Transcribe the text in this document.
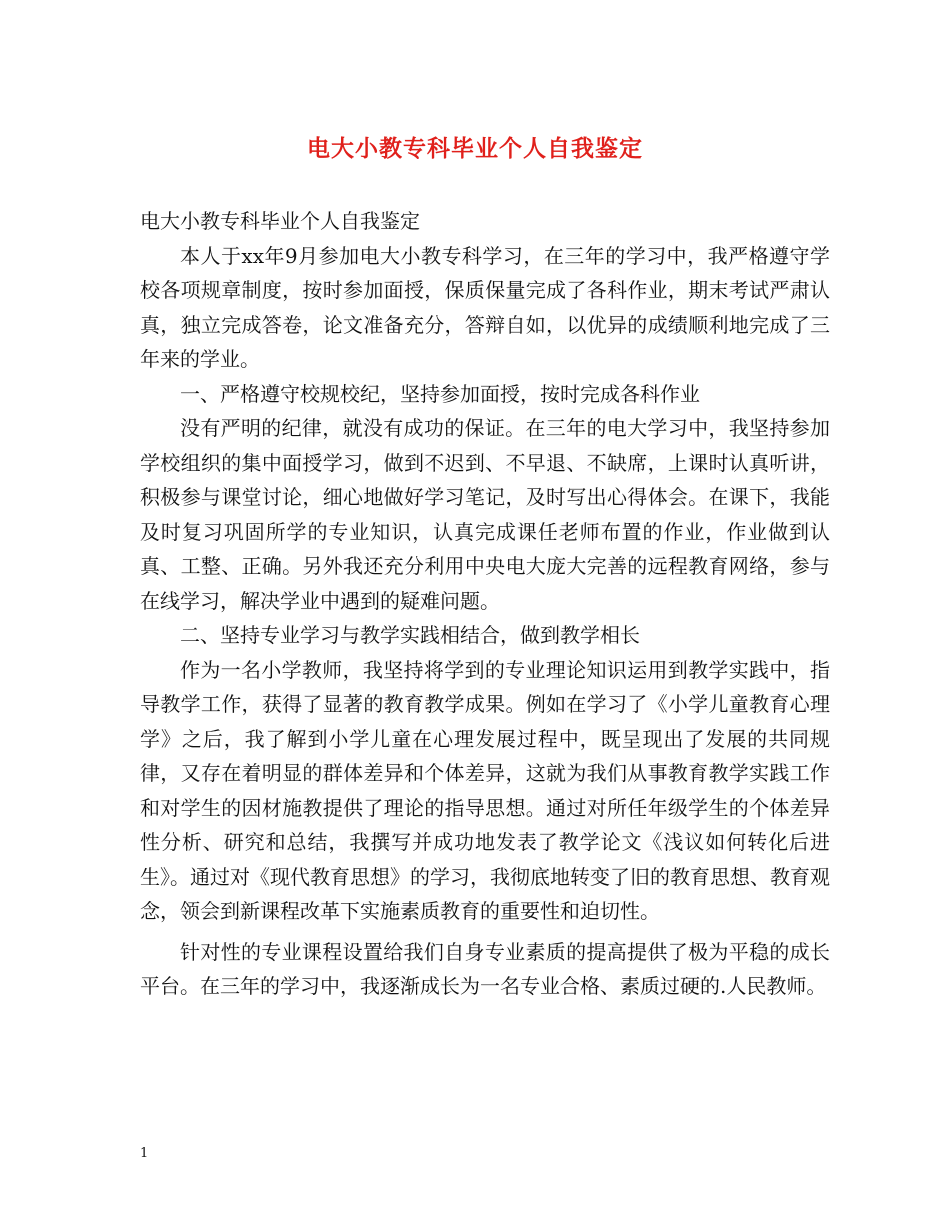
电大小教专科毕业个人自我鉴定

电大小教专科毕业个人自我鉴定

本人于xx年9月参加电大小教专科学习，在三年的学习中，我严格遵守学校各项规章制度，按时参加面授，保质保量完成了各科作业，期末考试严肃认真，独立完成答卷，论文准备充分，答辩自如，以优异的成绩顺利地完成了三年来的学业。

一、严格遵守校规校纪，坚持参加面授，按时完成各科作业

没有严明的纪律，就没有成功的保证。在三年的电大学习中，我坚持参加学校组织的集中面授学习，做到不迟到、不早退、不缺席，上课时认真听讲，积极参与课堂讨论，细心地做好学习笔记，及时写出心得体会。在课下，我能及时复习巩固所学的专业知识，认真完成课任老师布置的作业，作业做到认真、工整、正确。另外我还充分利用中央电大庞大完善的远程教育网络，参与在线学习，解决学业中遇到的疑难问题。

二、坚持专业学习与教学实践相结合，做到教学相长

作为一名小学教师，我坚持将学到的专业理论知识运用到教学实践中，指导教学工作，获得了显著的教育教学成果。例如在学习了《小学儿童教育心理学》之后，我了解到小学儿童在心理发展过程中，既呈现出了发展的共同规律，又存在着明显的群体差异和个体差异，这就为我们从事教育教学实践工作和对学生的因材施教提供了理论的指导思想。通过对所任年级学生的个体差异性分析、研究和总结，我撰写并成功地发表了教学论文《浅议如何转化后进生》。通过对《现代教育思想》的学习，我彻底地转变了旧的教育思想、教育观念，领会到新课程改革下实施素质教育的重要性和迫切性。

针对性的专业课程设置给我们自身专业素质的提高提供了极为平稳的成长平台。在三年的学习中，我逐渐成长为一名专业合格、素质过硬的.人民教师。

1
